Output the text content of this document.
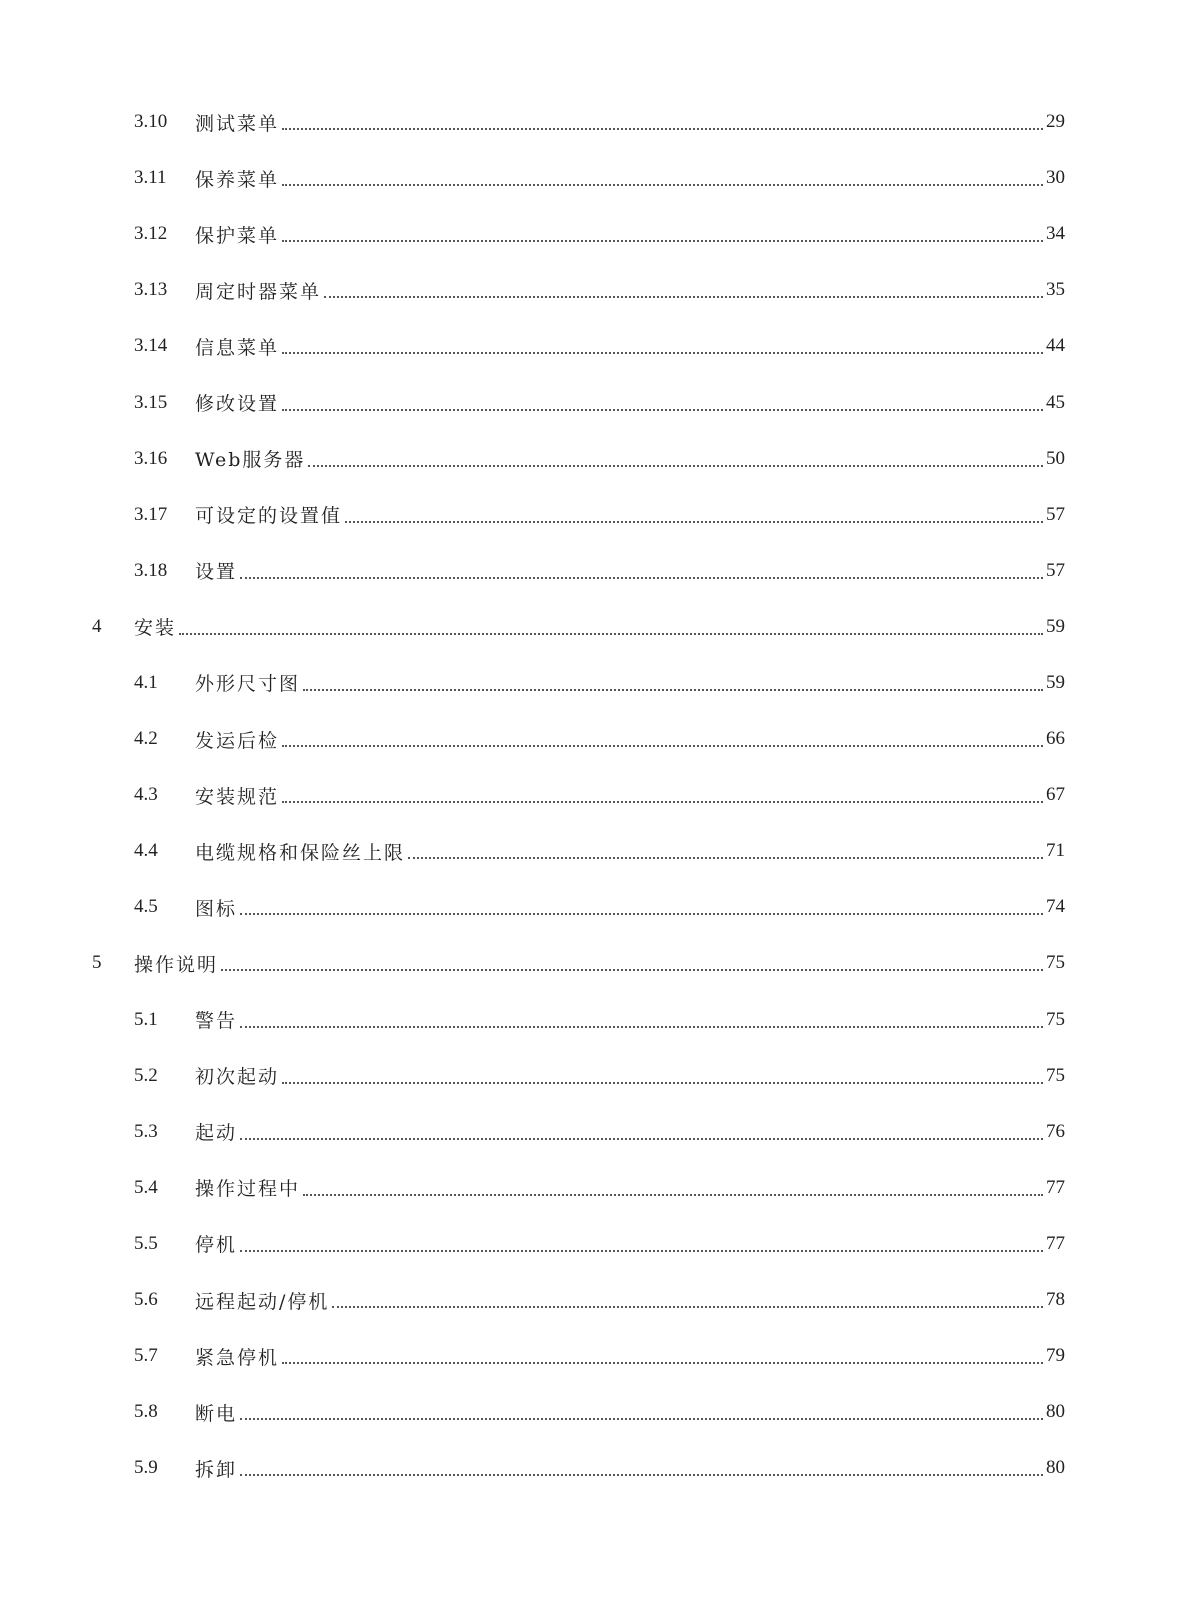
3.10	测试菜单	29
3.11	保养菜单	30
3.12	保护菜单	34
3.13	周定时器菜单	35
3.14	信息菜单	44
3.15	修改设置	45
3.16	Web服务器	50
3.17	可设定的设置值	57
3.18	设置	57
4	安装	59
4.1	外形尺寸图	59
4.2	发运后检	66
4.3	安装规范	67
4.4	电缆规格和保险丝上限	71
4.5	图标	74
5	操作说明	75
5.1	警告	75
5.2	初次起动	75
5.3	起动	76
5.4	操作过程中	77
5.5	停机	77
5.6	远程起动/停机	78
5.7	紧急停机	79
5.8	断电	80
5.9	拆卸	80
